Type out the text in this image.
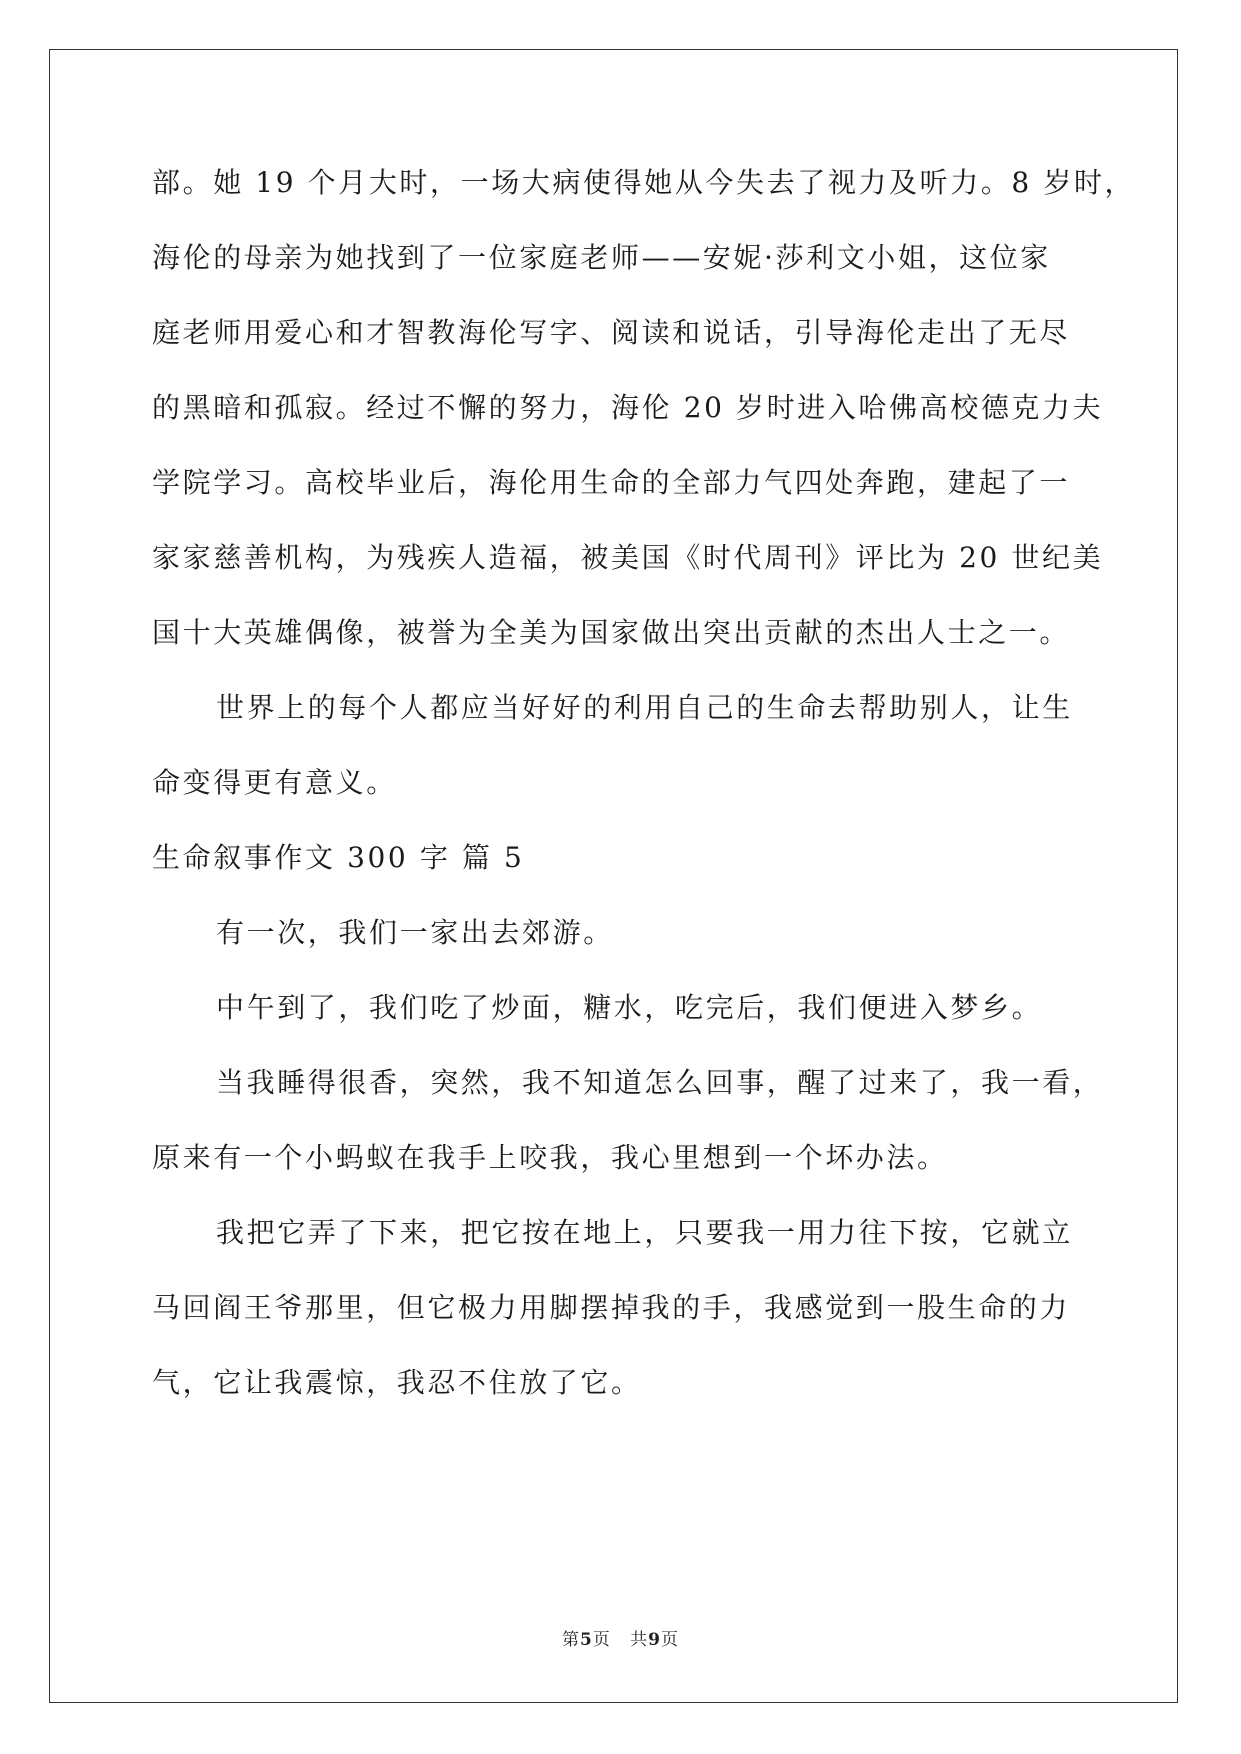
部。她 19 个月大时，一场大病使得她从今失去了视力及听力。8 岁时，
海伦的母亲为她找到了一位家庭老师——安妮·莎利文小姐，这位家
庭老师用爱心和才智教海伦写字、阅读和说话，引导海伦走出了无尽
的黑暗和孤寂。经过不懈的努力，海伦 20 岁时进入哈佛高校德克力夫
学院学习。高校毕业后，海伦用生命的全部力气四处奔跑，建起了一
家家慈善机构，为残疾人造福，被美国《时代周刊》评比为 20 世纪美
国十大英雄偶像，被誉为全美为国家做出突出贡献的杰出人士之一。
世界上的每个人都应当好好的利用自己的生命去帮助别人，让生
命变得更有意义。
生命叙事作文 300 字 篇 5
有一次，我们一家出去郊游。
中午到了，我们吃了炒面，糖水，吃完后，我们便进入梦乡。
当我睡得很香，突然，我不知道怎么回事，醒了过来了，我一看，
原来有一个小蚂蚁在我手上咬我，我心里想到一个坏办法。
我把它弄了下来，把它按在地上，只要我一用力往下按，它就立
马回阎王爷那里，但它极力用脚摆掉我的手，我感觉到一股生命的力
气，它让我震惊，我忍不住放了它。
第5页   共9页
